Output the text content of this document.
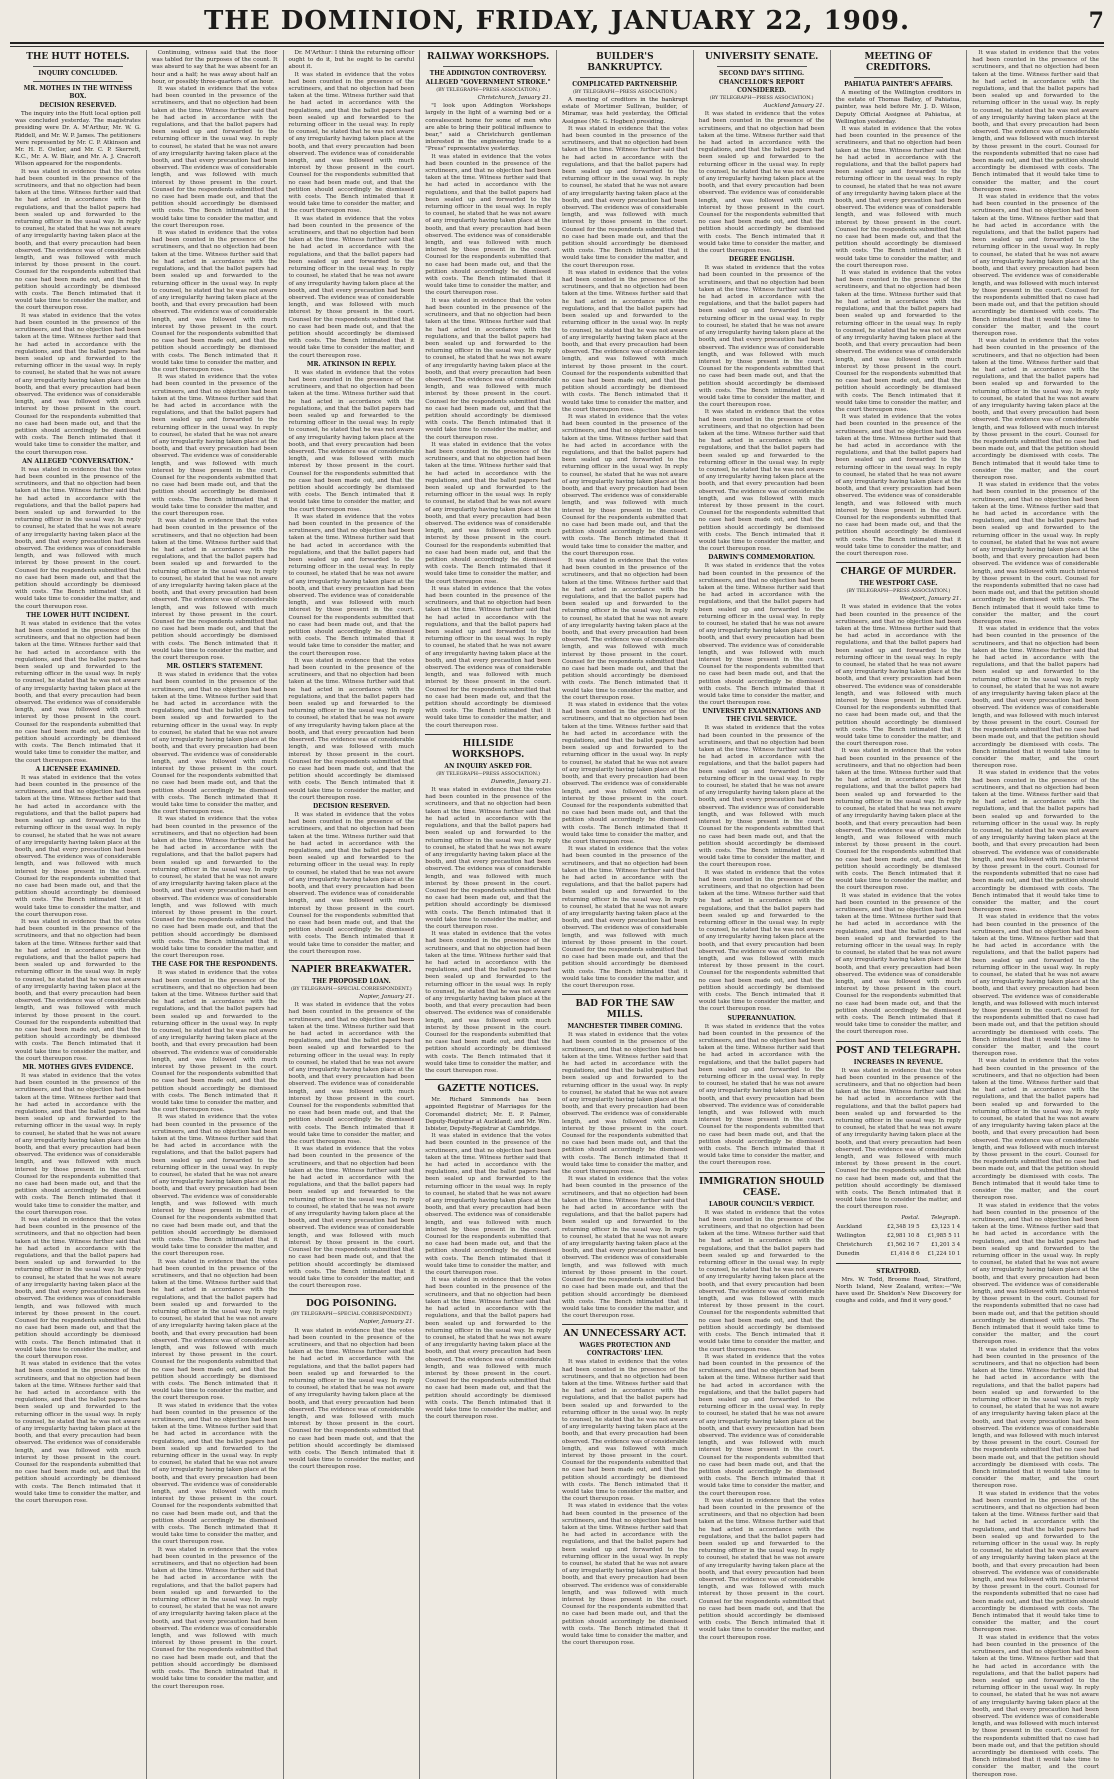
THE DOMINION, FRIDAY, JANUARY 22, 1909.	7
THE HUTT HOTELS.
INQUIRY CONCLUDED.
MR. MOTHES IN THE WITNESS BOX.
DECISION RESERVED.

The inquiry into the Hutt local option poll was concluded yesterday. The magistrates presiding were Dr. A. M'Arthur, Mr. W. G. Riddell, and Mr. W. P. James. The petitioners were represented by Mr. C. P. Atkinson and Mr. H. E. Ostler, and Mr. C. P. Skerrett, K.C., Mr. A. W. Blair, and Mr. A. J. Cracroft Wilson appeared for the respondents.

It was stated in evidence that the votes had been counted in the presence of the scrutineers, and that no objection had been taken at the time. Witness further said that he had acted in accordance with the regulations, and that the ballot papers had been sealed up and forwarded to the returning officer in the usual way. In reply to counsel, he stated that he was not aware of any irregularity having taken place at the booth, and that every precaution had been observed. The evidence was of considerable length, and was followed with much interest by those present in the court. Counsel for the respondents submitted that no case had been made out, and that the petition should accordingly be dismissed with costs. The Bench intimated that it would take time to consider the matter, and the court thereupon rose.

It was stated in evidence that the votes had been counted in the presence of the scrutineers, and that no objection had been taken at the time. Witness further said that he had acted in accordance with the regulations, and that the ballot papers had been sealed up and forwarded to the returning officer in the usual way. In reply to counsel, he stated that he was not aware of any irregularity having taken place at the booth, and that every precaution had been observed. The evidence was of considerable length, and was followed with much interest by those present in the court. Counsel for the respondents submitted that no case had been made out, and that the petition should accordingly be dismissed with costs. The Bench intimated that it would take time to consider the matter, and the court thereupon rose.

AN ALLEGED "CONVERSATION."

It was stated in evidence that the votes had been counted in the presence of the scrutineers, and that no objection had been taken at the time. Witness further said that he had acted in accordance with the regulations, and that the ballot papers had been sealed up and forwarded to the returning officer in the usual way. In reply to counsel, he stated that he was not aware of any irregularity having taken place at the booth, and that every precaution had been observed. The evidence was of considerable length, and was followed with much interest by those present in the court. Counsel for the respondents submitted that no case had been made out, and that the petition should accordingly be dismissed with costs. The Bench intimated that it would take time to consider the matter, and the court thereupon rose.

THE LOWER HUTT INCIDENT.

It was stated in evidence that the votes had been counted in the presence of the scrutineers, and that no objection had been taken at the time. Witness further said that he had acted in accordance with the regulations, and that the ballot papers had been sealed up and forwarded to the returning officer in the usual way. In reply to counsel, he stated that he was not aware of any irregularity having taken place at the booth, and that every precaution had been observed. The evidence was of considerable length, and was followed with much interest by those present in the court. Counsel for the respondents submitted that no case had been made out, and that the petition should accordingly be dismissed with costs. The Bench intimated that it would take time to consider the matter, and the court thereupon rose.

A LICENSEE EXAMINED.

It was stated in evidence that the votes had been counted in the presence of the scrutineers, and that no objection had been taken at the time. Witness further said that he had acted in accordance with the regulations, and that the ballot papers had been sealed up and forwarded to the returning officer in the usual way. In reply to counsel, he stated that he was not aware of any irregularity having taken place at the booth, and that every precaution had been observed. The evidence was of considerable length, and was followed with much interest by those present in the court. Counsel for the respondents submitted that no case had been made out, and that the petition should accordingly be dismissed with costs. The Bench intimated that it would take time to consider the matter, and the court thereupon rose.

It was stated in evidence that the votes had been counted in the presence of the scrutineers, and that no objection had been taken at the time. Witness further said that he had acted in accordance with the regulations, and that the ballot papers had been sealed up and forwarded to the returning officer in the usual way. In reply to counsel, he stated that he was not aware of any irregularity having taken place at the booth, and that every precaution had been observed. The evidence was of considerable length, and was followed with much interest by those present in the court. Counsel for the respondents submitted that no case had been made out, and that the petition should accordingly be dismissed with costs. The Bench intimated that it would take time to consider the matter, and the court thereupon rose.

MR. MOTHES GIVES EVIDENCE.

It was stated in evidence that the votes had been counted in the presence of the scrutineers, and that no objection had been taken at the time. Witness further said that he had acted in accordance with the regulations, and that the ballot papers had been sealed up and forwarded to the returning officer in the usual way. In reply to counsel, he stated that he was not aware of any irregularity having taken place at the booth, and that every precaution had been observed. The evidence was of considerable length, and was followed with much interest by those present in the court. Counsel for the respondents submitted that no case had been made out, and that the petition should accordingly be dismissed with costs. The Bench intimated that it would take time to consider the matter, and the court thereupon rose.

It was stated in evidence that the votes had been counted in the presence of the scrutineers, and that no objection had been taken at the time. Witness further said that he had acted in accordance with the regulations, and that the ballot papers had been sealed up and forwarded to the returning officer in the usual way. In reply to counsel, he stated that he was not aware of any irregularity having taken place at the booth, and that every precaution had been observed. The evidence was of considerable length, and was followed with much interest by those present in the court. Counsel for the respondents submitted that no case had been made out, and that the petition should accordingly be dismissed with costs. The Bench intimated that it would take time to consider the matter, and the court thereupon rose.

It was stated in evidence that the votes had been counted in the presence of the scrutineers, and that no objection had been taken at the time. Witness further said that he had acted in accordance with the regulations, and that the ballot papers had been sealed up and forwarded to the returning officer in the usual way. In reply to counsel, he stated that he was not aware of any irregularity having taken place at the booth, and that every precaution had been observed. The evidence was of considerable length, and was followed with much interest by those present in the court. Counsel for the respondents submitted that no case had been made out, and that the petition should accordingly be dismissed with costs. The Bench intimated that it would take time to consider the matter, and the court thereupon rose.

Continuing, witness said that the floor was tabled for the purposes of the count. It was absurd to say that he was absent for an hour and a half; he was away about half an hour, or possibly three-quarters of an hour.

It was stated in evidence that the votes had been counted in the presence of the scrutineers, and that no objection had been taken at the time. Witness further said that he had acted in accordance with the regulations, and that the ballot papers had been sealed up and forwarded to the returning officer in the usual way. In reply to counsel, he stated that he was not aware of any irregularity having taken place at the booth, and that every precaution had been observed. The evidence was of considerable length, and was followed with much interest by those present in the court. Counsel for the respondents submitted that no case had been made out, and that the petition should accordingly be dismissed with costs. The Bench intimated that it would take time to consider the matter, and the court thereupon rose.

It was stated in evidence that the votes had been counted in the presence of the scrutineers, and that no objection had been taken at the time. Witness further said that he had acted in accordance with the regulations, and that the ballot papers had been sealed up and forwarded to the returning officer in the usual way. In reply to counsel, he stated that he was not aware of any irregularity having taken place at the booth, and that every precaution had been observed. The evidence was of considerable length, and was followed with much interest by those present in the court. Counsel for the respondents submitted that no case had been made out, and that the petition should accordingly be dismissed with costs. The Bench intimated that it would take time to consider the matter, and the court thereupon rose.

It was stated in evidence that the votes had been counted in the presence of the scrutineers, and that no objection had been taken at the time. Witness further said that he had acted in accordance with the regulations, and that the ballot papers had been sealed up and forwarded to the returning officer in the usual way. In reply to counsel, he stated that he was not aware of any irregularity having taken place at the booth, and that every precaution had been observed. The evidence was of considerable length, and was followed with much interest by those present in the court. Counsel for the respondents submitted that no case had been made out, and that the petition should accordingly be dismissed with costs. The Bench intimated that it would take time to consider the matter, and the court thereupon rose.

It was stated in evidence that the votes had been counted in the presence of the scrutineers, and that no objection had been taken at the time. Witness further said that he had acted in accordance with the regulations, and that the ballot papers had been sealed up and forwarded to the returning officer in the usual way. In reply to counsel, he stated that he was not aware of any irregularity having taken place at the booth, and that every precaution had been observed. The evidence was of considerable length, and was followed with much interest by those present in the court. Counsel for the respondents submitted that no case had been made out, and that the petition should accordingly be dismissed with costs. The Bench intimated that it would take time to consider the matter, and the court thereupon rose.

MR. OSTLER'S STATEMENT.

It was stated in evidence that the votes had been counted in the presence of the scrutineers, and that no objection had been taken at the time. Witness further said that he had acted in accordance with the regulations, and that the ballot papers had been sealed up and forwarded to the returning officer in the usual way. In reply to counsel, he stated that he was not aware of any irregularity having taken place at the booth, and that every precaution had been observed. The evidence was of considerable length, and was followed with much interest by those present in the court. Counsel for the respondents submitted that no case had been made out, and that the petition should accordingly be dismissed with costs. The Bench intimated that it would take time to consider the matter, and the court thereupon rose.

It was stated in evidence that the votes had been counted in the presence of the scrutineers, and that no objection had been taken at the time. Witness further said that he had acted in accordance with the regulations, and that the ballot papers had been sealed up and forwarded to the returning officer in the usual way. In reply to counsel, he stated that he was not aware of any irregularity having taken place at the booth, and that every precaution had been observed. The evidence was of considerable length, and was followed with much interest by those present in the court. Counsel for the respondents submitted that no case had been made out, and that the petition should accordingly be dismissed with costs. The Bench intimated that it would take time to consider the matter, and the court thereupon rose.

THE CASE FOR THE RESPONDENTS.

It was stated in evidence that the votes had been counted in the presence of the scrutineers, and that no objection had been taken at the time. Witness further said that he had acted in accordance with the regulations, and that the ballot papers had been sealed up and forwarded to the returning officer in the usual way. In reply to counsel, he stated that he was not aware of any irregularity having taken place at the booth, and that every precaution had been observed. The evidence was of considerable length, and was followed with much interest by those present in the court. Counsel for the respondents submitted that no case had been made out, and that the petition should accordingly be dismissed with costs. The Bench intimated that it would take time to consider the matter, and the court thereupon rose.

It was stated in evidence that the votes had been counted in the presence of the scrutineers, and that no objection had been taken at the time. Witness further said that he had acted in accordance with the regulations, and that the ballot papers had been sealed up and forwarded to the returning officer in the usual way. In reply to counsel, he stated that he was not aware of any irregularity having taken place at the booth, and that every precaution had been observed. The evidence was of considerable length, and was followed with much interest by those present in the court. Counsel for the respondents submitted that no case had been made out, and that the petition should accordingly be dismissed with costs. The Bench intimated that it would take time to consider the matter, and the court thereupon rose.

It was stated in evidence that the votes had been counted in the presence of the scrutineers, and that no objection had been taken at the time. Witness further said that he had acted in accordance with the regulations, and that the ballot papers had been sealed up and forwarded to the returning officer in the usual way. In reply to counsel, he stated that he was not aware of any irregularity having taken place at the booth, and that every precaution had been observed. The evidence was of considerable length, and was followed with much interest by those present in the court. Counsel for the respondents submitted that no case had been made out, and that the petition should accordingly be dismissed with costs. The Bench intimated that it would take time to consider the matter, and the court thereupon rose.

It was stated in evidence that the votes had been counted in the presence of the scrutineers, and that no objection had been taken at the time. Witness further said that he had acted in accordance with the regulations, and that the ballot papers had been sealed up and forwarded to the returning officer in the usual way. In reply to counsel, he stated that he was not aware of any irregularity having taken place at the booth, and that every precaution had been observed. The evidence was of considerable length, and was followed with much interest by those present in the court. Counsel for the respondents submitted that no case had been made out, and that the petition should accordingly be dismissed with costs. The Bench intimated that it would take time to consider the matter, and the court thereupon rose.

It was stated in evidence that the votes had been counted in the presence of the scrutineers, and that no objection had been taken at the time. Witness further said that he had acted in accordance with the regulations, and that the ballot papers had been sealed up and forwarded to the returning officer in the usual way. In reply to counsel, he stated that he was not aware of any irregularity having taken place at the booth, and that every precaution had been observed. The evidence was of considerable length, and was followed with much interest by those present in the court. Counsel for the respondents submitted that no case had been made out, and that the petition should accordingly be dismissed with costs. The Bench intimated that it would take time to consider the matter, and the court thereupon rose.

Dr. M'Arthur: I think the returning officer ought to do it, but he ought to be careful about it.

It was stated in evidence that the votes had been counted in the presence of the scrutineers, and that no objection had been taken at the time. Witness further said that he had acted in accordance with the regulations, and that the ballot papers had been sealed up and forwarded to the returning officer in the usual way. In reply to counsel, he stated that he was not aware of any irregularity having taken place at the booth, and that every precaution had been observed. The evidence was of considerable length, and was followed with much interest by those present in the court. Counsel for the respondents submitted that no case had been made out, and that the petition should accordingly be dismissed with costs. The Bench intimated that it would take time to consider the matter, and the court thereupon rose.

It was stated in evidence that the votes had been counted in the presence of the scrutineers, and that no objection had been taken at the time. Witness further said that he had acted in accordance with the regulations, and that the ballot papers had been sealed up and forwarded to the returning officer in the usual way. In reply to counsel, he stated that he was not aware of any irregularity having taken place at the booth, and that every precaution had been observed. The evidence was of considerable length, and was followed with much interest by those present in the court. Counsel for the respondents submitted that no case had been made out, and that the petition should accordingly be dismissed with costs. The Bench intimated that it would take time to consider the matter, and the court thereupon rose.

MR. ATKINSON IN REPLY.

It was stated in evidence that the votes had been counted in the presence of the scrutineers, and that no objection had been taken at the time. Witness further said that he had acted in accordance with the regulations, and that the ballot papers had been sealed up and forwarded to the returning officer in the usual way. In reply to counsel, he stated that he was not aware of any irregularity having taken place at the booth, and that every precaution had been observed. The evidence was of considerable length, and was followed with much interest by those present in the court. Counsel for the respondents submitted that no case had been made out, and that the petition should accordingly be dismissed with costs. The Bench intimated that it would take time to consider the matter, and the court thereupon rose.

It was stated in evidence that the votes had been counted in the presence of the scrutineers, and that no objection had been taken at the time. Witness further said that he had acted in accordance with the regulations, and that the ballot papers had been sealed up and forwarded to the returning officer in the usual way. In reply to counsel, he stated that he was not aware of any irregularity having taken place at the booth, and that every precaution had been observed. The evidence was of considerable length, and was followed with much interest by those present in the court. Counsel for the respondents submitted that no case had been made out, and that the petition should accordingly be dismissed with costs. The Bench intimated that it would take time to consider the matter, and the court thereupon rose.

It was stated in evidence that the votes had been counted in the presence of the scrutineers, and that no objection had been taken at the time. Witness further said that he had acted in accordance with the regulations, and that the ballot papers had been sealed up and forwarded to the returning officer in the usual way. In reply to counsel, he stated that he was not aware of any irregularity having taken place at the booth, and that every precaution had been observed. The evidence was of considerable length, and was followed with much interest by those present in the court. Counsel for the respondents submitted that no case had been made out, and that the petition should accordingly be dismissed with costs. The Bench intimated that it would take time to consider the matter, and the court thereupon rose.

DECISION RESERVED.

It was stated in evidence that the votes had been counted in the presence of the scrutineers, and that no objection had been taken at the time. Witness further said that he had acted in accordance with the regulations, and that the ballot papers had been sealed up and forwarded to the returning officer in the usual way. In reply to counsel, he stated that he was not aware of any irregularity having taken place at the booth, and that every precaution had been observed. The evidence was of considerable length, and was followed with much interest by those present in the court. Counsel for the respondents submitted that no case had been made out, and that the petition should accordingly be dismissed with costs. The Bench intimated that it would take time to consider the matter, and the court thereupon rose.

NAPIER BREAKWATER.
THE PROPOSED LOAN.
(BY TELEGRAPH—SPECIAL CORRESPONDENT.)
Napier, January 21.

It was stated in evidence that the votes had been counted in the presence of the scrutineers, and that no objection had been taken at the time. Witness further said that he had acted in accordance with the regulations, and that the ballot papers had been sealed up and forwarded to the returning officer in the usual way. In reply to counsel, he stated that he was not aware of any irregularity having taken place at the booth, and that every precaution had been observed. The evidence was of considerable length, and was followed with much interest by those present in the court. Counsel for the respondents submitted that no case had been made out, and that the petition should accordingly be dismissed with costs. The Bench intimated that it would take time to consider the matter, and the court thereupon rose.

It was stated in evidence that the votes had been counted in the presence of the scrutineers, and that no objection had been taken at the time. Witness further said that he had acted in accordance with the regulations, and that the ballot papers had been sealed up and forwarded to the returning officer in the usual way. In reply to counsel, he stated that he was not aware of any irregularity having taken place at the booth, and that every precaution had been observed. The evidence was of considerable length, and was followed with much interest by those present in the court. Counsel for the respondents submitted that no case had been made out, and that the petition should accordingly be dismissed with costs. The Bench intimated that it would take time to consider the matter, and the court thereupon rose.

DOG POISONING.
(BY TELEGRAPH—SPECIAL CORRESPONDENT.)
Napier, January 21.

It was stated in evidence that the votes had been counted in the presence of the scrutineers, and that no objection had been taken at the time. Witness further said that he had acted in accordance with the regulations, and that the ballot papers had been sealed up and forwarded to the returning officer in the usual way. In reply to counsel, he stated that he was not aware of any irregularity having taken place at the booth, and that every precaution had been observed. The evidence was of considerable length, and was followed with much interest by those present in the court. Counsel for the respondents submitted that no case had been made out, and that the petition should accordingly be dismissed with costs. The Bench intimated that it would take time to consider the matter, and the court thereupon rose.

RAILWAY WORKSHOPS.
THE ADDINGTON CONTROVERSY.
ALLEGED "GOVERNMENT STROKE."
(BY TELEGRAPH—PRESS ASSOCIATION.)
Christchurch, January 21.

"I look upon Addington Workshops largely in the light of a warning bed or a convalescent home for some of men who are able to bring their political influence to bear," said a Christchurch gentleman interested in the engineering trade to a "Press" representative yesterday.

It was stated in evidence that the votes had been counted in the presence of the scrutineers, and that no objection had been taken at the time. Witness further said that he had acted in accordance with the regulations, and that the ballot papers had been sealed up and forwarded to the returning officer in the usual way. In reply to counsel, he stated that he was not aware of any irregularity having taken place at the booth, and that every precaution had been observed. The evidence was of considerable length, and was followed with much interest by those present in the court. Counsel for the respondents submitted that no case had been made out, and that the petition should accordingly be dismissed with costs. The Bench intimated that it would take time to consider the matter, and the court thereupon rose.

It was stated in evidence that the votes had been counted in the presence of the scrutineers, and that no objection had been taken at the time. Witness further said that he had acted in accordance with the regulations, and that the ballot papers had been sealed up and forwarded to the returning officer in the usual way. In reply to counsel, he stated that he was not aware of any irregularity having taken place at the booth, and that every precaution had been observed. The evidence was of considerable length, and was followed with much interest by those present in the court. Counsel for the respondents submitted that no case had been made out, and that the petition should accordingly be dismissed with costs. The Bench intimated that it would take time to consider the matter, and the court thereupon rose.

It was stated in evidence that the votes had been counted in the presence of the scrutineers, and that no objection had been taken at the time. Witness further said that he had acted in accordance with the regulations, and that the ballot papers had been sealed up and forwarded to the returning officer in the usual way. In reply to counsel, he stated that he was not aware of any irregularity having taken place at the booth, and that every precaution had been observed. The evidence was of considerable length, and was followed with much interest by those present in the court. Counsel for the respondents submitted that no case had been made out, and that the petition should accordingly be dismissed with costs. The Bench intimated that it would take time to consider the matter, and the court thereupon rose.

It was stated in evidence that the votes had been counted in the presence of the scrutineers, and that no objection had been taken at the time. Witness further said that he had acted in accordance with the regulations, and that the ballot papers had been sealed up and forwarded to the returning officer in the usual way. In reply to counsel, he stated that he was not aware of any irregularity having taken place at the booth, and that every precaution had been observed. The evidence was of considerable length, and was followed with much interest by those present in the court. Counsel for the respondents submitted that no case had been made out, and that the petition should accordingly be dismissed with costs. The Bench intimated that it would take time to consider the matter, and the court thereupon rose.

HILLSIDE WORKSHOPS.
AN INQUIRY ASKED FOR.
(BY TELEGRAPH—PRESS ASSOCIATION.)
Dunedin, January 21.

It was stated in evidence that the votes had been counted in the presence of the scrutineers, and that no objection had been taken at the time. Witness further said that he had acted in accordance with the regulations, and that the ballot papers had been sealed up and forwarded to the returning officer in the usual way. In reply to counsel, he stated that he was not aware of any irregularity having taken place at the booth, and that every precaution had been observed. The evidence was of considerable length, and was followed with much interest by those present in the court. Counsel for the respondents submitted that no case had been made out, and that the petition should accordingly be dismissed with costs. The Bench intimated that it would take time to consider the matter, and the court thereupon rose.

It was stated in evidence that the votes had been counted in the presence of the scrutineers, and that no objection had been taken at the time. Witness further said that he had acted in accordance with the regulations, and that the ballot papers had been sealed up and forwarded to the returning officer in the usual way. In reply to counsel, he stated that he was not aware of any irregularity having taken place at the booth, and that every precaution had been observed. The evidence was of considerable length, and was followed with much interest by those present in the court. Counsel for the respondents submitted that no case had been made out, and that the petition should accordingly be dismissed with costs. The Bench intimated that it would take time to consider the matter, and the court thereupon rose.

GAZETTE NOTICES.

Mr. Richard Simmonds has been appointed Registrar of Marriages for the Coromandel district; Mr. E. P. Palmer, Deputy-Registrar at Auckland; and Mr. Wm. Isbister, Deputy-Registrar at Cambridge.

It was stated in evidence that the votes had been counted in the presence of the scrutineers, and that no objection had been taken at the time. Witness further said that he had acted in accordance with the regulations, and that the ballot papers had been sealed up and forwarded to the returning officer in the usual way. In reply to counsel, he stated that he was not aware of any irregularity having taken place at the booth, and that every precaution had been observed. The evidence was of considerable length, and was followed with much interest by those present in the court. Counsel for the respondents submitted that no case had been made out, and that the petition should accordingly be dismissed with costs. The Bench intimated that it would take time to consider the matter, and the court thereupon rose.

It was stated in evidence that the votes had been counted in the presence of the scrutineers, and that no objection had been taken at the time. Witness further said that he had acted in accordance with the regulations, and that the ballot papers had been sealed up and forwarded to the returning officer in the usual way. In reply to counsel, he stated that he was not aware of any irregularity having taken place at the booth, and that every precaution had been observed. The evidence was of considerable length, and was followed with much interest by those present in the court. Counsel for the respondents submitted that no case had been made out, and that the petition should accordingly be dismissed with costs. The Bench intimated that it would take time to consider the matter, and the court thereupon rose.

BUILDER'S BANKRUPTCY.
COMPLICATED PARTNERSHIP.
(BY TELEGRAPH—PRESS ASSOCIATION.)

A meeting of creditors in the bankrupt estate of Mortimer Sullivan, builder, of Miramar, was held yesterday, the Official Assignee (Mr. G. Hogben) presiding.

It was stated in evidence that the votes had been counted in the presence of the scrutineers, and that no objection had been taken at the time. Witness further said that he had acted in accordance with the regulations, and that the ballot papers had been sealed up and forwarded to the returning officer in the usual way. In reply to counsel, he stated that he was not aware of any irregularity having taken place at the booth, and that every precaution had been observed. The evidence was of considerable length, and was followed with much interest by those present in the court. Counsel for the respondents submitted that no case had been made out, and that the petition should accordingly be dismissed with costs. The Bench intimated that it would take time to consider the matter, and the court thereupon rose.

It was stated in evidence that the votes had been counted in the presence of the scrutineers, and that no objection had been taken at the time. Witness further said that he had acted in accordance with the regulations, and that the ballot papers had been sealed up and forwarded to the returning officer in the usual way. In reply to counsel, he stated that he was not aware of any irregularity having taken place at the booth, and that every precaution had been observed. The evidence was of considerable length, and was followed with much interest by those present in the court. Counsel for the respondents submitted that no case had been made out, and that the petition should accordingly be dismissed with costs. The Bench intimated that it would take time to consider the matter, and the court thereupon rose.

It was stated in evidence that the votes had been counted in the presence of the scrutineers, and that no objection had been taken at the time. Witness further said that he had acted in accordance with the regulations, and that the ballot papers had been sealed up and forwarded to the returning officer in the usual way. In reply to counsel, he stated that he was not aware of any irregularity having taken place at the booth, and that every precaution had been observed. The evidence was of considerable length, and was followed with much interest by those present in the court. Counsel for the respondents submitted that no case had been made out, and that the petition should accordingly be dismissed with costs. The Bench intimated that it would take time to consider the matter, and the court thereupon rose.

It was stated in evidence that the votes had been counted in the presence of the scrutineers, and that no objection had been taken at the time. Witness further said that he had acted in accordance with the regulations, and that the ballot papers had been sealed up and forwarded to the returning officer in the usual way. In reply to counsel, he stated that he was not aware of any irregularity having taken place at the booth, and that every precaution had been observed. The evidence was of considerable length, and was followed with much interest by those present in the court. Counsel for the respondents submitted that no case had been made out, and that the petition should accordingly be dismissed with costs. The Bench intimated that it would take time to consider the matter, and the court thereupon rose.

It was stated in evidence that the votes had been counted in the presence of the scrutineers, and that no objection had been taken at the time. Witness further said that he had acted in accordance with the regulations, and that the ballot papers had been sealed up and forwarded to the returning officer in the usual way. In reply to counsel, he stated that he was not aware of any irregularity having taken place at the booth, and that every precaution had been observed. The evidence was of considerable length, and was followed with much interest by those present in the court. Counsel for the respondents submitted that no case had been made out, and that the petition should accordingly be dismissed with costs. The Bench intimated that it would take time to consider the matter, and the court thereupon rose.

It was stated in evidence that the votes had been counted in the presence of the scrutineers, and that no objection had been taken at the time. Witness further said that he had acted in accordance with the regulations, and that the ballot papers had been sealed up and forwarded to the returning officer in the usual way. In reply to counsel, he stated that he was not aware of any irregularity having taken place at the booth, and that every precaution had been observed. The evidence was of considerable length, and was followed with much interest by those present in the court. Counsel for the respondents submitted that no case had been made out, and that the petition should accordingly be dismissed with costs. The Bench intimated that it would take time to consider the matter, and the court thereupon rose.

BAD FOR THE SAW MILLS.
MANCHESTER TIMBER COMING.

It was stated in evidence that the votes had been counted in the presence of the scrutineers, and that no objection had been taken at the time. Witness further said that he had acted in accordance with the regulations, and that the ballot papers had been sealed up and forwarded to the returning officer in the usual way. In reply to counsel, he stated that he was not aware of any irregularity having taken place at the booth, and that every precaution had been observed. The evidence was of considerable length, and was followed with much interest by those present in the court. Counsel for the respondents submitted that no case had been made out, and that the petition should accordingly be dismissed with costs. The Bench intimated that it would take time to consider the matter, and the court thereupon rose.

It was stated in evidence that the votes had been counted in the presence of the scrutineers, and that no objection had been taken at the time. Witness further said that he had acted in accordance with the regulations, and that the ballot papers had been sealed up and forwarded to the returning officer in the usual way. In reply to counsel, he stated that he was not aware of any irregularity having taken place at the booth, and that every precaution had been observed. The evidence was of considerable length, and was followed with much interest by those present in the court. Counsel for the respondents submitted that no case had been made out, and that the petition should accordingly be dismissed with costs. The Bench intimated that it would take time to consider the matter, and the court thereupon rose.

AN UNNECESSARY ACT.
WAGES PROTECTION AND CONTRACTORS' LIEN.

It was stated in evidence that the votes had been counted in the presence of the scrutineers, and that no objection had been taken at the time. Witness further said that he had acted in accordance with the regulations, and that the ballot papers had been sealed up and forwarded to the returning officer in the usual way. In reply to counsel, he stated that he was not aware of any irregularity having taken place at the booth, and that every precaution had been observed. The evidence was of considerable length, and was followed with much interest by those present in the court. Counsel for the respondents submitted that no case had been made out, and that the petition should accordingly be dismissed with costs. The Bench intimated that it would take time to consider the matter, and the court thereupon rose.

It was stated in evidence that the votes had been counted in the presence of the scrutineers, and that no objection had been taken at the time. Witness further said that he had acted in accordance with the regulations, and that the ballot papers had been sealed up and forwarded to the returning officer in the usual way. In reply to counsel, he stated that he was not aware of any irregularity having taken place at the booth, and that every precaution had been observed. The evidence was of considerable length, and was followed with much interest by those present in the court. Counsel for the respondents submitted that no case had been made out, and that the petition should accordingly be dismissed with costs. The Bench intimated that it would take time to consider the matter, and the court thereupon rose.

UNIVERSITY SENATE.
SECOND DAY'S SITTING.
CHANCELLOR'S REPORT CONSIDERED.
(BY TELEGRAPH—PRESS ASSOCIATION.)
Auckland January 21.

It was stated in evidence that the votes had been counted in the presence of the scrutineers, and that no objection had been taken at the time. Witness further said that he had acted in accordance with the regulations, and that the ballot papers had been sealed up and forwarded to the returning officer in the usual way. In reply to counsel, he stated that he was not aware of any irregularity having taken place at the booth, and that every precaution had been observed. The evidence was of considerable length, and was followed with much interest by those present in the court. Counsel for the respondents submitted that no case had been made out, and that the petition should accordingly be dismissed with costs. The Bench intimated that it would take time to consider the matter, and the court thereupon rose.

DEGREE ENGLISH.

It was stated in evidence that the votes had been counted in the presence of the scrutineers, and that no objection had been taken at the time. Witness further said that he had acted in accordance with the regulations, and that the ballot papers had been sealed up and forwarded to the returning officer in the usual way. In reply to counsel, he stated that he was not aware of any irregularity having taken place at the booth, and that every precaution had been observed. The evidence was of considerable length, and was followed with much interest by those present in the court. Counsel for the respondents submitted that no case had been made out, and that the petition should accordingly be dismissed with costs. The Bench intimated that it would take time to consider the matter, and the court thereupon rose.

It was stated in evidence that the votes had been counted in the presence of the scrutineers, and that no objection had been taken at the time. Witness further said that he had acted in accordance with the regulations, and that the ballot papers had been sealed up and forwarded to the returning officer in the usual way. In reply to counsel, he stated that he was not aware of any irregularity having taken place at the booth, and that every precaution had been observed. The evidence was of considerable length, and was followed with much interest by those present in the court. Counsel for the respondents submitted that no case had been made out, and that the petition should accordingly be dismissed with costs. The Bench intimated that it would take time to consider the matter, and the court thereupon rose.

DARWIN'S COMMEMORATION.

It was stated in evidence that the votes had been counted in the presence of the scrutineers, and that no objection had been taken at the time. Witness further said that he had acted in accordance with the regulations, and that the ballot papers had been sealed up and forwarded to the returning officer in the usual way. In reply to counsel, he stated that he was not aware of any irregularity having taken place at the booth, and that every precaution had been observed. The evidence was of considerable length, and was followed with much interest by those present in the court. Counsel for the respondents submitted that no case had been made out, and that the petition should accordingly be dismissed with costs. The Bench intimated that it would take time to consider the matter, and the court thereupon rose.

UNIVERSITY EXAMINATIONS AND THE CIVIL SERVICE.

It was stated in evidence that the votes had been counted in the presence of the scrutineers, and that no objection had been taken at the time. Witness further said that he had acted in accordance with the regulations, and that the ballot papers had been sealed up and forwarded to the returning officer in the usual way. In reply to counsel, he stated that he was not aware of any irregularity having taken place at the booth, and that every precaution had been observed. The evidence was of considerable length, and was followed with much interest by those present in the court. Counsel for the respondents submitted that no case had been made out, and that the petition should accordingly be dismissed with costs. The Bench intimated that it would take time to consider the matter, and the court thereupon rose.

It was stated in evidence that the votes had been counted in the presence of the scrutineers, and that no objection had been taken at the time. Witness further said that he had acted in accordance with the regulations, and that the ballot papers had been sealed up and forwarded to the returning officer in the usual way. In reply to counsel, he stated that he was not aware of any irregularity having taken place at the booth, and that every precaution had been observed. The evidence was of considerable length, and was followed with much interest by those present in the court. Counsel for the respondents submitted that no case had been made out, and that the petition should accordingly be dismissed with costs. The Bench intimated that it would take time to consider the matter, and the court thereupon rose.

SUPERANNUATION.

It was stated in evidence that the votes had been counted in the presence of the scrutineers, and that no objection had been taken at the time. Witness further said that he had acted in accordance with the regulations, and that the ballot papers had been sealed up and forwarded to the returning officer in the usual way. In reply to counsel, he stated that he was not aware of any irregularity having taken place at the booth, and that every precaution had been observed. The evidence was of considerable length, and was followed with much interest by those present in the court. Counsel for the respondents submitted that no case had been made out, and that the petition should accordingly be dismissed with costs. The Bench intimated that it would take time to consider the matter, and the court thereupon rose.

IMMIGRATION SHOULD CEASE.
LABOUR COUNCIL'S VERDICT.

It was stated in evidence that the votes had been counted in the presence of the scrutineers, and that no objection had been taken at the time. Witness further said that he had acted in accordance with the regulations, and that the ballot papers had been sealed up and forwarded to the returning officer in the usual way. In reply to counsel, he stated that he was not aware of any irregularity having taken place at the booth, and that every precaution had been observed. The evidence was of considerable length, and was followed with much interest by those present in the court. Counsel for the respondents submitted that no case had been made out, and that the petition should accordingly be dismissed with costs. The Bench intimated that it would take time to consider the matter, and the court thereupon rose.

It was stated in evidence that the votes had been counted in the presence of the scrutineers, and that no objection had been taken at the time. Witness further said that he had acted in accordance with the regulations, and that the ballot papers had been sealed up and forwarded to the returning officer in the usual way. In reply to counsel, he stated that he was not aware of any irregularity having taken place at the booth, and that every precaution had been observed. The evidence was of considerable length, and was followed with much interest by those present in the court. Counsel for the respondents submitted that no case had been made out, and that the petition should accordingly be dismissed with costs. The Bench intimated that it would take time to consider the matter, and the court thereupon rose.

It was stated in evidence that the votes had been counted in the presence of the scrutineers, and that no objection had been taken at the time. Witness further said that he had acted in accordance with the regulations, and that the ballot papers had been sealed up and forwarded to the returning officer in the usual way. In reply to counsel, he stated that he was not aware of any irregularity having taken place at the booth, and that every precaution had been observed. The evidence was of considerable length, and was followed with much interest by those present in the court. Counsel for the respondents submitted that no case had been made out, and that the petition should accordingly be dismissed with costs. The Bench intimated that it would take time to consider the matter, and the court thereupon rose.

MEETING OF CREDITORS.
PAHIATUA PAINTER'S AFFAIRS.

A meeting of the Wellington creditors in the estate of Thomas Bailey, of Pahiatua, painter, was held before Mr. J. D. Wilson, Deputy Official Assignee at Pahiatua, at Wellington yesterday.

It was stated in evidence that the votes had been counted in the presence of the scrutineers, and that no objection had been taken at the time. Witness further said that he had acted in accordance with the regulations, and that the ballot papers had been sealed up and forwarded to the returning officer in the usual way. In reply to counsel, he stated that he was not aware of any irregularity having taken place at the booth, and that every precaution had been observed. The evidence was of considerable length, and was followed with much interest by those present in the court. Counsel for the respondents submitted that no case had been made out, and that the petition should accordingly be dismissed with costs. The Bench intimated that it would take time to consider the matter, and the court thereupon rose.

It was stated in evidence that the votes had been counted in the presence of the scrutineers, and that no objection had been taken at the time. Witness further said that he had acted in accordance with the regulations, and that the ballot papers had been sealed up and forwarded to the returning officer in the usual way. In reply to counsel, he stated that he was not aware of any irregularity having taken place at the booth, and that every precaution had been observed. The evidence was of considerable length, and was followed with much interest by those present in the court. Counsel for the respondents submitted that no case had been made out, and that the petition should accordingly be dismissed with costs. The Bench intimated that it would take time to consider the matter, and the court thereupon rose.

It was stated in evidence that the votes had been counted in the presence of the scrutineers, and that no objection had been taken at the time. Witness further said that he had acted in accordance with the regulations, and that the ballot papers had been sealed up and forwarded to the returning officer in the usual way. In reply to counsel, he stated that he was not aware of any irregularity having taken place at the booth, and that every precaution had been observed. The evidence was of considerable length, and was followed with much interest by those present in the court. Counsel for the respondents submitted that no case had been made out, and that the petition should accordingly be dismissed with costs. The Bench intimated that it would take time to consider the matter, and the court thereupon rose.

CHARGE OF MURDER.
THE WESTPORT CASE.
(BY TELEGRAPH—PRESS ASSOCIATION.)
Westport, January 21.

It was stated in evidence that the votes had been counted in the presence of the scrutineers, and that no objection had been taken at the time. Witness further said that he had acted in accordance with the regulations, and that the ballot papers had been sealed up and forwarded to the returning officer in the usual way. In reply to counsel, he stated that he was not aware of any irregularity having taken place at the booth, and that every precaution had been observed. The evidence was of considerable length, and was followed with much interest by those present in the court. Counsel for the respondents submitted that no case had been made out, and that the petition should accordingly be dismissed with costs. The Bench intimated that it would take time to consider the matter, and the court thereupon rose.

It was stated in evidence that the votes had been counted in the presence of the scrutineers, and that no objection had been taken at the time. Witness further said that he had acted in accordance with the regulations, and that the ballot papers had been sealed up and forwarded to the returning officer in the usual way. In reply to counsel, he stated that he was not aware of any irregularity having taken place at the booth, and that every precaution had been observed. The evidence was of considerable length, and was followed with much interest by those present in the court. Counsel for the respondents submitted that no case had been made out, and that the petition should accordingly be dismissed with costs. The Bench intimated that it would take time to consider the matter, and the court thereupon rose.

It was stated in evidence that the votes had been counted in the presence of the scrutineers, and that no objection had been taken at the time. Witness further said that he had acted in accordance with the regulations, and that the ballot papers had been sealed up and forwarded to the returning officer in the usual way. In reply to counsel, he stated that he was not aware of any irregularity having taken place at the booth, and that every precaution had been observed. The evidence was of considerable length, and was followed with much interest by those present in the court. Counsel for the respondents submitted that no case had been made out, and that the petition should accordingly be dismissed with costs. The Bench intimated that it would take time to consider the matter, and the court thereupon rose.

POST AND TELEGRAPH.
INCREASES IN REVENUE.

It was stated in evidence that the votes had been counted in the presence of the scrutineers, and that no objection had been taken at the time. Witness further said that he had acted in accordance with the regulations, and that the ballot papers had been sealed up and forwarded to the returning officer in the usual way. In reply to counsel, he stated that he was not aware of any irregularity having taken place at the booth, and that every precaution had been observed. The evidence was of considerable length, and was followed with much interest by those present in the court. Counsel for the respondents submitted that no case had been made out, and that the petition should accordingly be dismissed with costs. The Bench intimated that it would take time to consider the matter, and the court thereupon rose.

	Postal.	Telegraph.
Auckland	£2,348 19 5	£3,123 1 4
Wellington	£2,981 10 8	£1,985 5 11
Christchurch	£1,562 16 7	£1,201 3 4
Dunedin	£1,414 8 6	£1,224 10 1
STRATFORD.

Mrs. W. Todd, Broome Road, Stratford, North Island, New Zealand, writes:—"We have used Dr. Sheldon's New Discovery for coughs and colds, and find it very good."

It was stated in evidence that the votes had been counted in the presence of the scrutineers, and that no objection had been taken at the time. Witness further said that he had acted in accordance with the regulations, and that the ballot papers had been sealed up and forwarded to the returning officer in the usual way. In reply to counsel, he stated that he was not aware of any irregularity having taken place at the booth, and that every precaution had been observed. The evidence was of considerable length, and was followed with much interest by those present in the court. Counsel for the respondents submitted that no case had been made out, and that the petition should accordingly be dismissed with costs. The Bench intimated that it would take time to consider the matter, and the court thereupon rose.

It was stated in evidence that the votes had been counted in the presence of the scrutineers, and that no objection had been taken at the time. Witness further said that he had acted in accordance with the regulations, and that the ballot papers had been sealed up and forwarded to the returning officer in the usual way. In reply to counsel, he stated that he was not aware of any irregularity having taken place at the booth, and that every precaution had been observed. The evidence was of considerable length, and was followed with much interest by those present in the court. Counsel for the respondents submitted that no case had been made out, and that the petition should accordingly be dismissed with costs. The Bench intimated that it would take time to consider the matter, and the court thereupon rose.

It was stated in evidence that the votes had been counted in the presence of the scrutineers, and that no objection had been taken at the time. Witness further said that he had acted in accordance with the regulations, and that the ballot papers had been sealed up and forwarded to the returning officer in the usual way. In reply to counsel, he stated that he was not aware of any irregularity having taken place at the booth, and that every precaution had been observed. The evidence was of considerable length, and was followed with much interest by those present in the court. Counsel for the respondents submitted that no case had been made out, and that the petition should accordingly be dismissed with costs. The Bench intimated that it would take time to consider the matter, and the court thereupon rose.

It was stated in evidence that the votes had been counted in the presence of the scrutineers, and that no objection had been taken at the time. Witness further said that he had acted in accordance with the regulations, and that the ballot papers had been sealed up and forwarded to the returning officer in the usual way. In reply to counsel, he stated that he was not aware of any irregularity having taken place at the booth, and that every precaution had been observed. The evidence was of considerable length, and was followed with much interest by those present in the court. Counsel for the respondents submitted that no case had been made out, and that the petition should accordingly be dismissed with costs. The Bench intimated that it would take time to consider the matter, and the court thereupon rose.

It was stated in evidence that the votes had been counted in the presence of the scrutineers, and that no objection had been taken at the time. Witness further said that he had acted in accordance with the regulations, and that the ballot papers had been sealed up and forwarded to the returning officer in the usual way. In reply to counsel, he stated that he was not aware of any irregularity having taken place at the booth, and that every precaution had been observed. The evidence was of considerable length, and was followed with much interest by those present in the court. Counsel for the respondents submitted that no case had been made out, and that the petition should accordingly be dismissed with costs. The Bench intimated that it would take time to consider the matter, and the court thereupon rose.

It was stated in evidence that the votes had been counted in the presence of the scrutineers, and that no objection had been taken at the time. Witness further said that he had acted in accordance with the regulations, and that the ballot papers had been sealed up and forwarded to the returning officer in the usual way. In reply to counsel, he stated that he was not aware of any irregularity having taken place at the booth, and that every precaution had been observed. The evidence was of considerable length, and was followed with much interest by those present in the court. Counsel for the respondents submitted that no case had been made out, and that the petition should accordingly be dismissed with costs. The Bench intimated that it would take time to consider the matter, and the court thereupon rose.

It was stated in evidence that the votes had been counted in the presence of the scrutineers, and that no objection had been taken at the time. Witness further said that he had acted in accordance with the regulations, and that the ballot papers had been sealed up and forwarded to the returning officer in the usual way. In reply to counsel, he stated that he was not aware of any irregularity having taken place at the booth, and that every precaution had been observed. The evidence was of considerable length, and was followed with much interest by those present in the court. Counsel for the respondents submitted that no case had been made out, and that the petition should accordingly be dismissed with costs. The Bench intimated that it would take time to consider the matter, and the court thereupon rose.

It was stated in evidence that the votes had been counted in the presence of the scrutineers, and that no objection had been taken at the time. Witness further said that he had acted in accordance with the regulations, and that the ballot papers had been sealed up and forwarded to the returning officer in the usual way. In reply to counsel, he stated that he was not aware of any irregularity having taken place at the booth, and that every precaution had been observed. The evidence was of considerable length, and was followed with much interest by those present in the court. Counsel for the respondents submitted that no case had been made out, and that the petition should accordingly be dismissed with costs. The Bench intimated that it would take time to consider the matter, and the court thereupon rose.

It was stated in evidence that the votes had been counted in the presence of the scrutineers, and that no objection had been taken at the time. Witness further said that he had acted in accordance with the regulations, and that the ballot papers had been sealed up and forwarded to the returning officer in the usual way. In reply to counsel, he stated that he was not aware of any irregularity having taken place at the booth, and that every precaution had been observed. The evidence was of considerable length, and was followed with much interest by those present in the court. Counsel for the respondents submitted that no case had been made out, and that the petition should accordingly be dismissed with costs. The Bench intimated that it would take time to consider the matter, and the court thereupon rose.

It was stated in evidence that the votes had been counted in the presence of the scrutineers, and that no objection had been taken at the time. Witness further said that he had acted in accordance with the regulations, and that the ballot papers had been sealed up and forwarded to the returning officer in the usual way. In reply to counsel, he stated that he was not aware of any irregularity having taken place at the booth, and that every precaution had been observed. The evidence was of considerable length, and was followed with much interest by those present in the court. Counsel for the respondents submitted that no case had been made out, and that the petition should accordingly be dismissed with costs. The Bench intimated that it would take time to consider the matter, and the court thereupon rose.

It was stated in evidence that the votes had been counted in the presence of the scrutineers, and that no objection had been taken at the time. Witness further said that he had acted in accordance with the regulations, and that the ballot papers had been sealed up and forwarded to the returning officer in the usual way. In reply to counsel, he stated that he was not aware of any irregularity having taken place at the booth, and that every precaution had been observed. The evidence was of considerable length, and was followed with much interest by those present in the court. Counsel for the respondents submitted that no case had been made out, and that the petition should accordingly be dismissed with costs. The Bench intimated that it would take time to consider the matter, and the court thereupon rose.

It was stated in evidence that the votes had been counted in the presence of the scrutineers, and that no objection had been taken at the time. Witness further said that he had acted in accordance with the regulations, and that the ballot papers had been sealed up and forwarded to the returning officer in the usual way. In reply to counsel, he stated that he was not aware of any irregularity having taken place at the booth, and that every precaution had been observed. The evidence was of considerable length, and was followed with much interest by those present in the court. Counsel for the respondents submitted that no case had been made out, and that the petition should accordingly be dismissed with costs. The Bench intimated that it would take time to consider the matter, and the court thereupon rose.
